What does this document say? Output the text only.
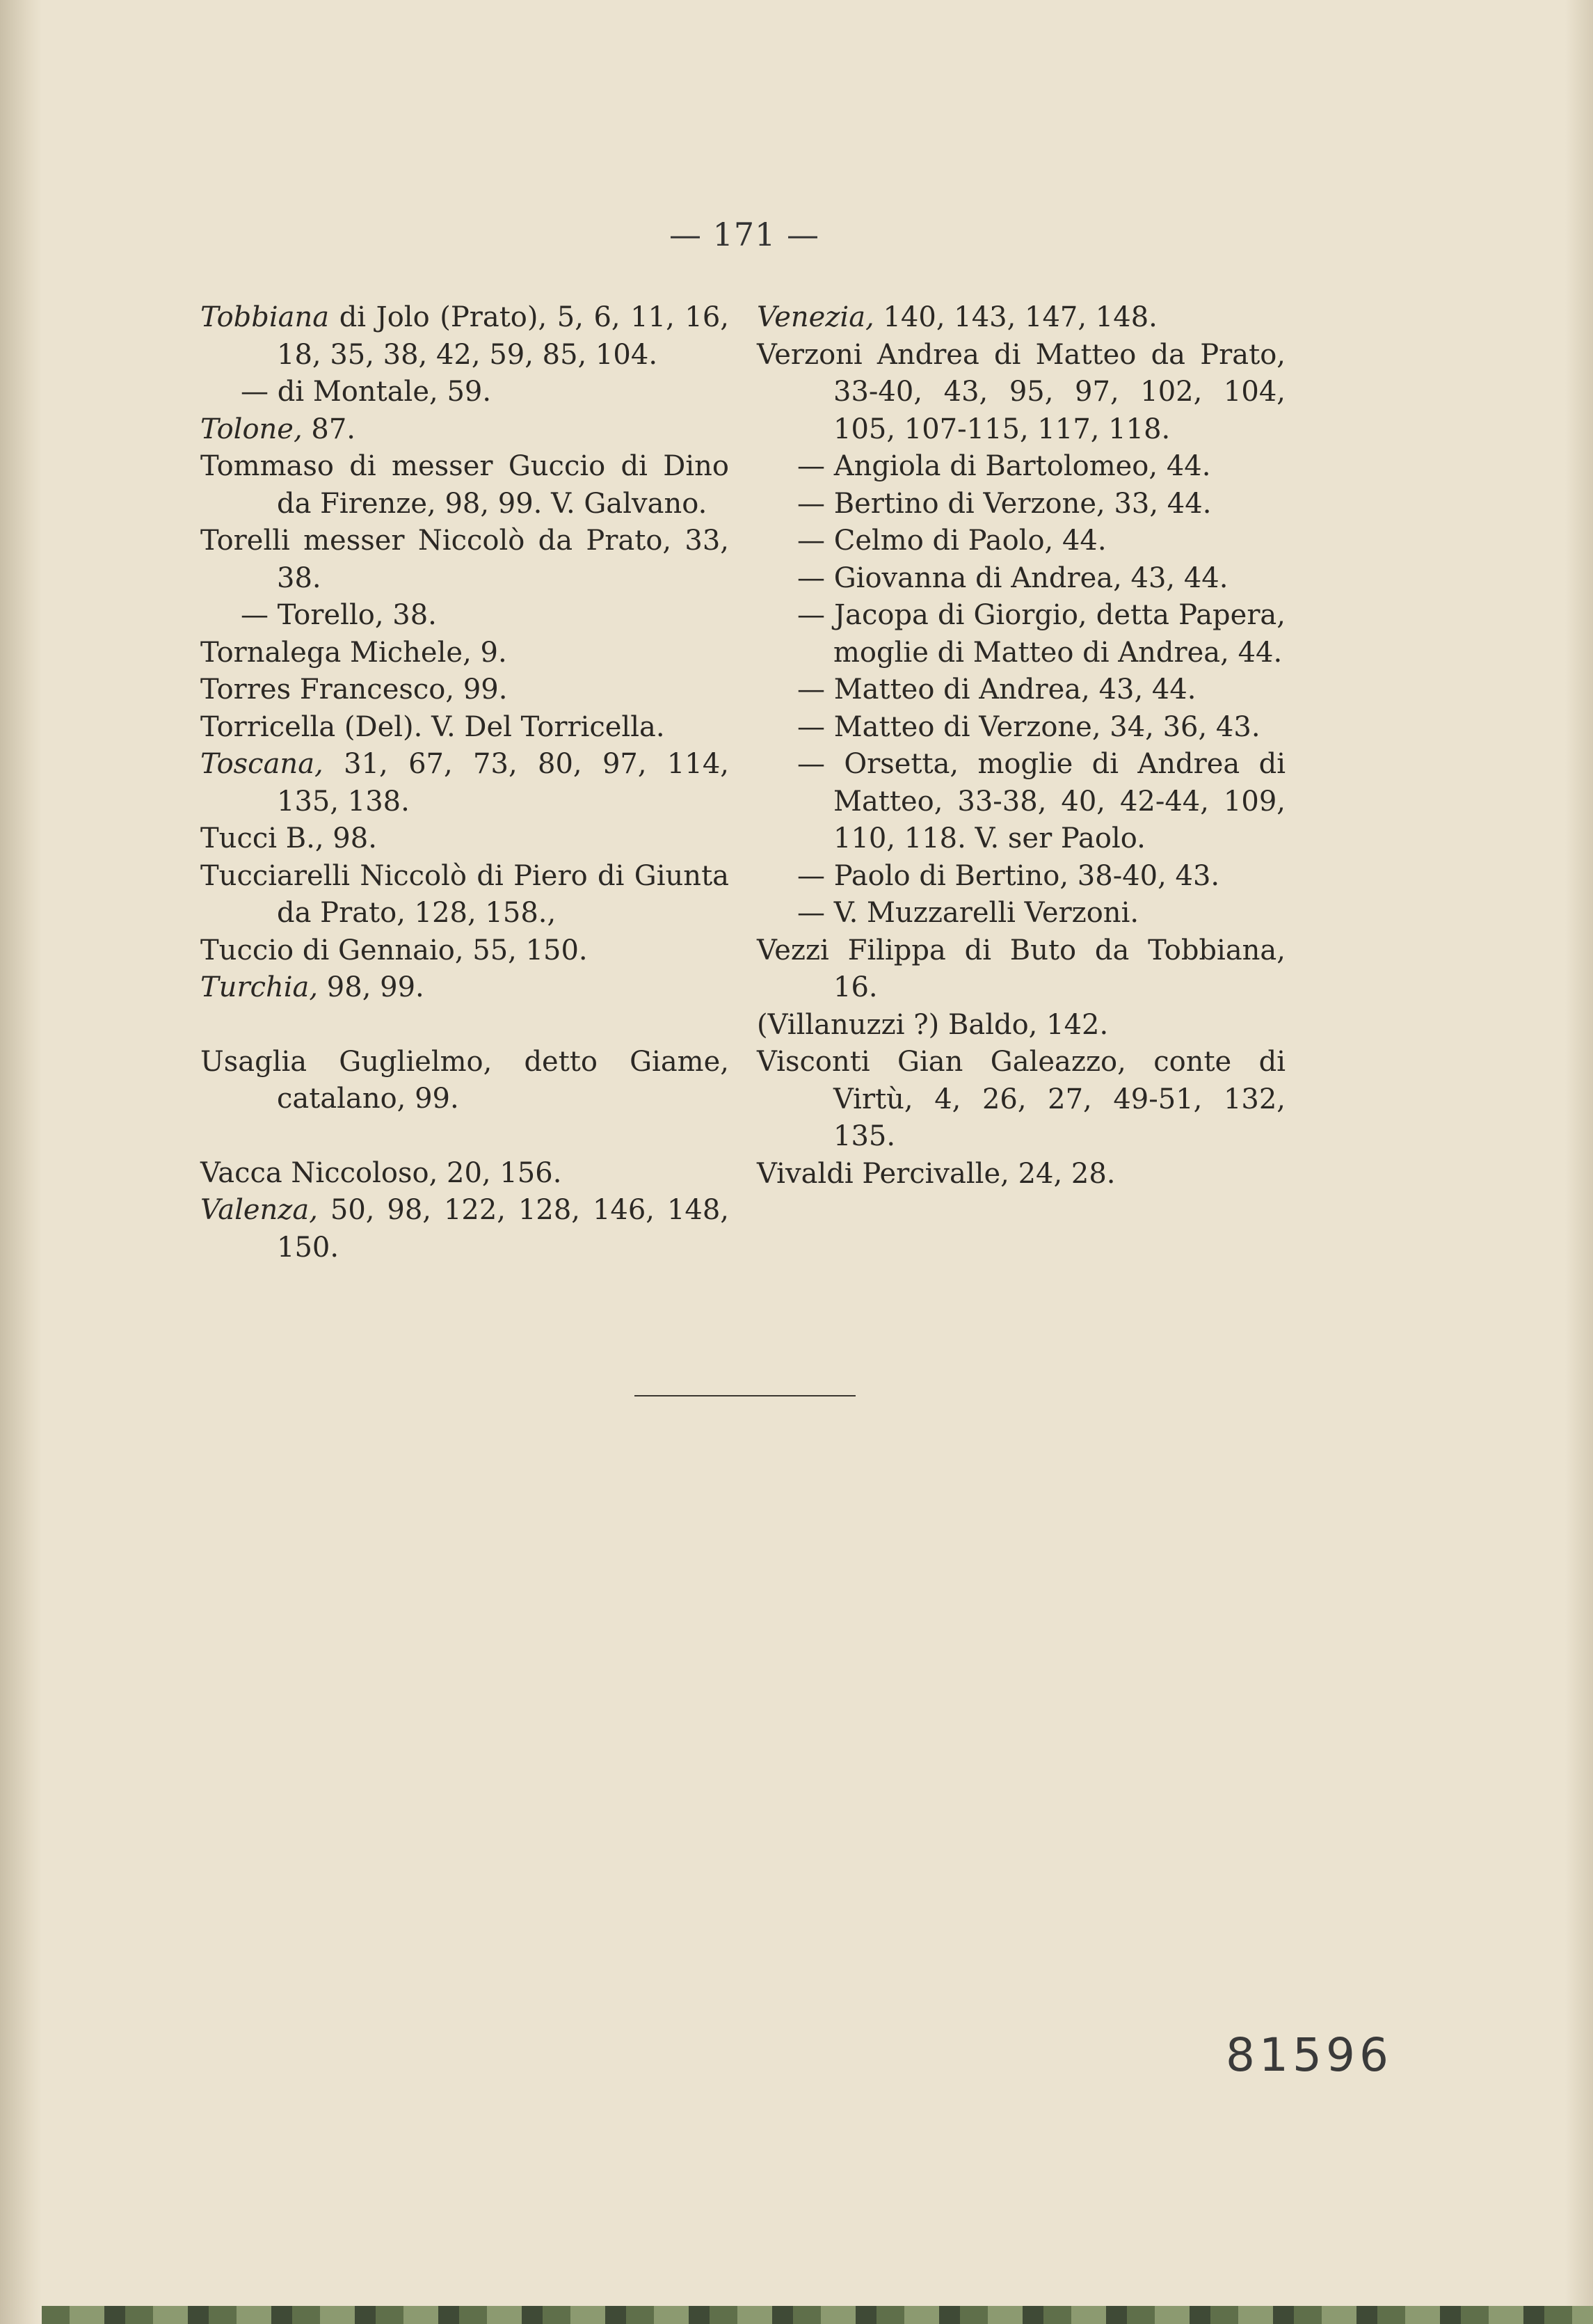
— 171 —

Tobbiana di Jolo (Prato), 5, 6, 11, 16, 18, 35, 38, 42, 59, 85, 104.

— di Montale, 59.

Tolone, 87.

Tommaso di messer Guccio di Dino da Firenze, 98, 99. V. Galvano.

Torelli messer Niccolò da Prato, 33, 38.

— Torello, 38.

Tornalega Michele, 9.

Torres Francesco, 99.

Torricella (Del). V. Del Torricella.

Toscana, 31, 67, 73, 80, 97, 114, 135, 138.

Tucci B., 98.

Tucciarelli Niccolò di Piero di Giunta da Prato, 128, 158.,

Tuccio di Gennaio, 55, 150.

Turchia, 98, 99.

Usaglia Guglielmo, detto Giame, catalano, 99.

Vacca Niccoloso, 20, 156.

Valenza, 50, 98, 122, 128, 146, 148, 150.

Venezia, 140, 143, 147, 148.

Verzoni Andrea di Matteo da Prato, 33-40, 43, 95, 97, 102, 104, 105, 107-115, 117, 118.

— Angiola di Bartolomeo, 44.

— Bertino di Verzone, 33, 44.

— Celmo di Paolo, 44.

— Giovanna di Andrea, 43, 44.

— Jacopa di Giorgio, detta Papera, moglie di Matteo di Andrea, 44.

— Matteo di Andrea, 43, 44.

— Matteo di Verzone, 34, 36, 43.

— Orsetta, moglie di Andrea di Matteo, 33-38, 40, 42-44, 109, 110, 118. V. ser Paolo.

— Paolo di Bertino, 38-40, 43.

— V. Muzzarelli Verzoni.

Vezzi Filippa di Buto da Tobbiana, 16.

(Villanuzzi ?) Baldo, 142.

Visconti Gian Galeazzo, conte di Virtù, 4, 26, 27, 49-51, 132, 135.

Vivaldi Percivalle, 24, 28.

81596
